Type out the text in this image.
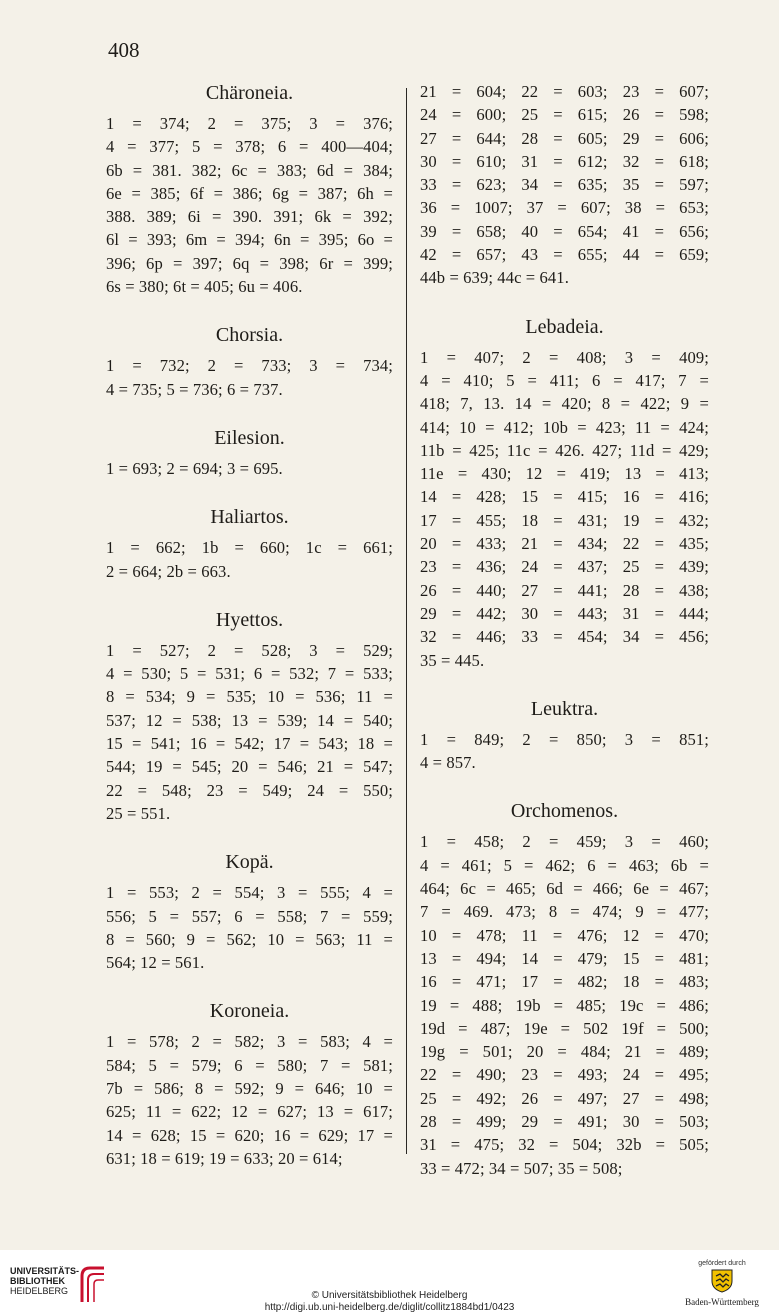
408
Chäroneia.

1 = 374; 2 = 375; 3 = 376;

4 = 377; 5 = 378; 6 = 400—404;

6b = 381. 382; 6c = 383; 6d = 384;

6e = 385; 6f = 386; 6g = 387; 6h =

388. 389; 6i = 390. 391; 6k = 392;

6l = 393; 6m = 394; 6n = 395; 6o =

396; 6p = 397; 6q = 398; 6r = 399;

6s = 380; 6t = 405; 6u = 406.

Chorsia.

1 = 732; 2 = 733; 3 = 734;

4 = 735; 5 = 736; 6 = 737.

Eilesion.

1 = 693; 2 = 694; 3 = 695.

Haliartos.

1 = 662; 1b = 660; 1c = 661;

2 = 664; 2b = 663.

Hyettos.

1 = 527; 2 = 528; 3 = 529;

4 = 530; 5 = 531; 6 = 532; 7 = 533;

8 = 534; 9 = 535; 10 = 536; 11 =

537; 12 = 538; 13 = 539; 14 = 540;

15 = 541; 16 = 542; 17 = 543; 18 =

544; 19 = 545; 20 = 546; 21 = 547;

22 = 548; 23 = 549; 24 = 550;

25 = 551.

Kopä.

1 = 553; 2 = 554; 3 = 555; 4 =

556; 5 = 557; 6 = 558; 7 = 559;

8 = 560; 9 = 562; 10 = 563; 11 =

564; 12 = 561.

Koroneia.

1 = 578; 2 = 582; 3 = 583; 4 =

584; 5 = 579; 6 = 580; 7 = 581;

7b = 586; 8 = 592; 9 = 646; 10 =

625; 11 = 622; 12 = 627; 13 = 617;

14 = 628; 15 = 620; 16 = 629; 17 =

631; 18 = 619; 19 = 633; 20 = 614;

21 = 604; 22 = 603; 23 = 607;

24 = 600; 25 = 615; 26 = 598;

27 = 644; 28 = 605; 29 = 606;

30 = 610; 31 = 612; 32 = 618;

33 = 623; 34 = 635; 35 = 597;

36 = 1007; 37 = 607; 38 = 653;

39 = 658; 40 = 654; 41 = 656;

42 = 657; 43 = 655; 44 = 659;

44b = 639; 44c = 641.

Lebadeia.

1 = 407; 2 = 408; 3 = 409;

4 = 410; 5 = 411; 6 = 417; 7 =

418; 7, 13. 14 = 420; 8 = 422; 9 =

414; 10 = 412; 10b = 423; 11 = 424;

11b = 425; 11c = 426. 427; 11d = 429;

11e = 430; 12 = 419; 13 = 413;

14 = 428; 15 = 415; 16 = 416;

17 = 455; 18 = 431; 19 = 432;

20 = 433; 21 = 434; 22 = 435;

23 = 436; 24 = 437; 25 = 439;

26 = 440; 27 = 441; 28 = 438;

29 = 442; 30 = 443; 31 = 444;

32 = 446; 33 = 454; 34 = 456;

35 = 445.

Leuktra.

1 = 849; 2 = 850; 3 = 851;

4 = 857.

Orchomenos.

1 = 458; 2 = 459; 3 = 460;

4 = 461; 5 = 462; 6 = 463; 6b =

464; 6c = 465; 6d = 466; 6e = 467;

7 = 469. 473; 8 = 474; 9 = 477;

10 = 478; 11 = 476; 12 = 470;

13 = 494; 14 = 479; 15 = 481;

16 = 471; 17 = 482; 18 = 483;

19 = 488; 19b = 485; 19c = 486;

19d = 487; 19e = 502 19f = 500;

19g = 501; 20 = 484; 21 = 489;

22 = 490; 23 = 493; 24 = 495;

25 = 492; 26 = 497; 27 = 498;

28 = 499; 29 = 491; 30 = 503;

31 = 475; 32 = 504; 32b = 505;

33 = 472; 34 = 507; 35 = 508;

UNIVERSITÄTS-
BIBLIOTHEK
HEIDELBERG	© Universitätsbibliothek Heidelberg
http://digi.ub.uni-heidelberg.de/diglit/collitz1884bd1/0423
gefördert durch
Baden-Württemberg
